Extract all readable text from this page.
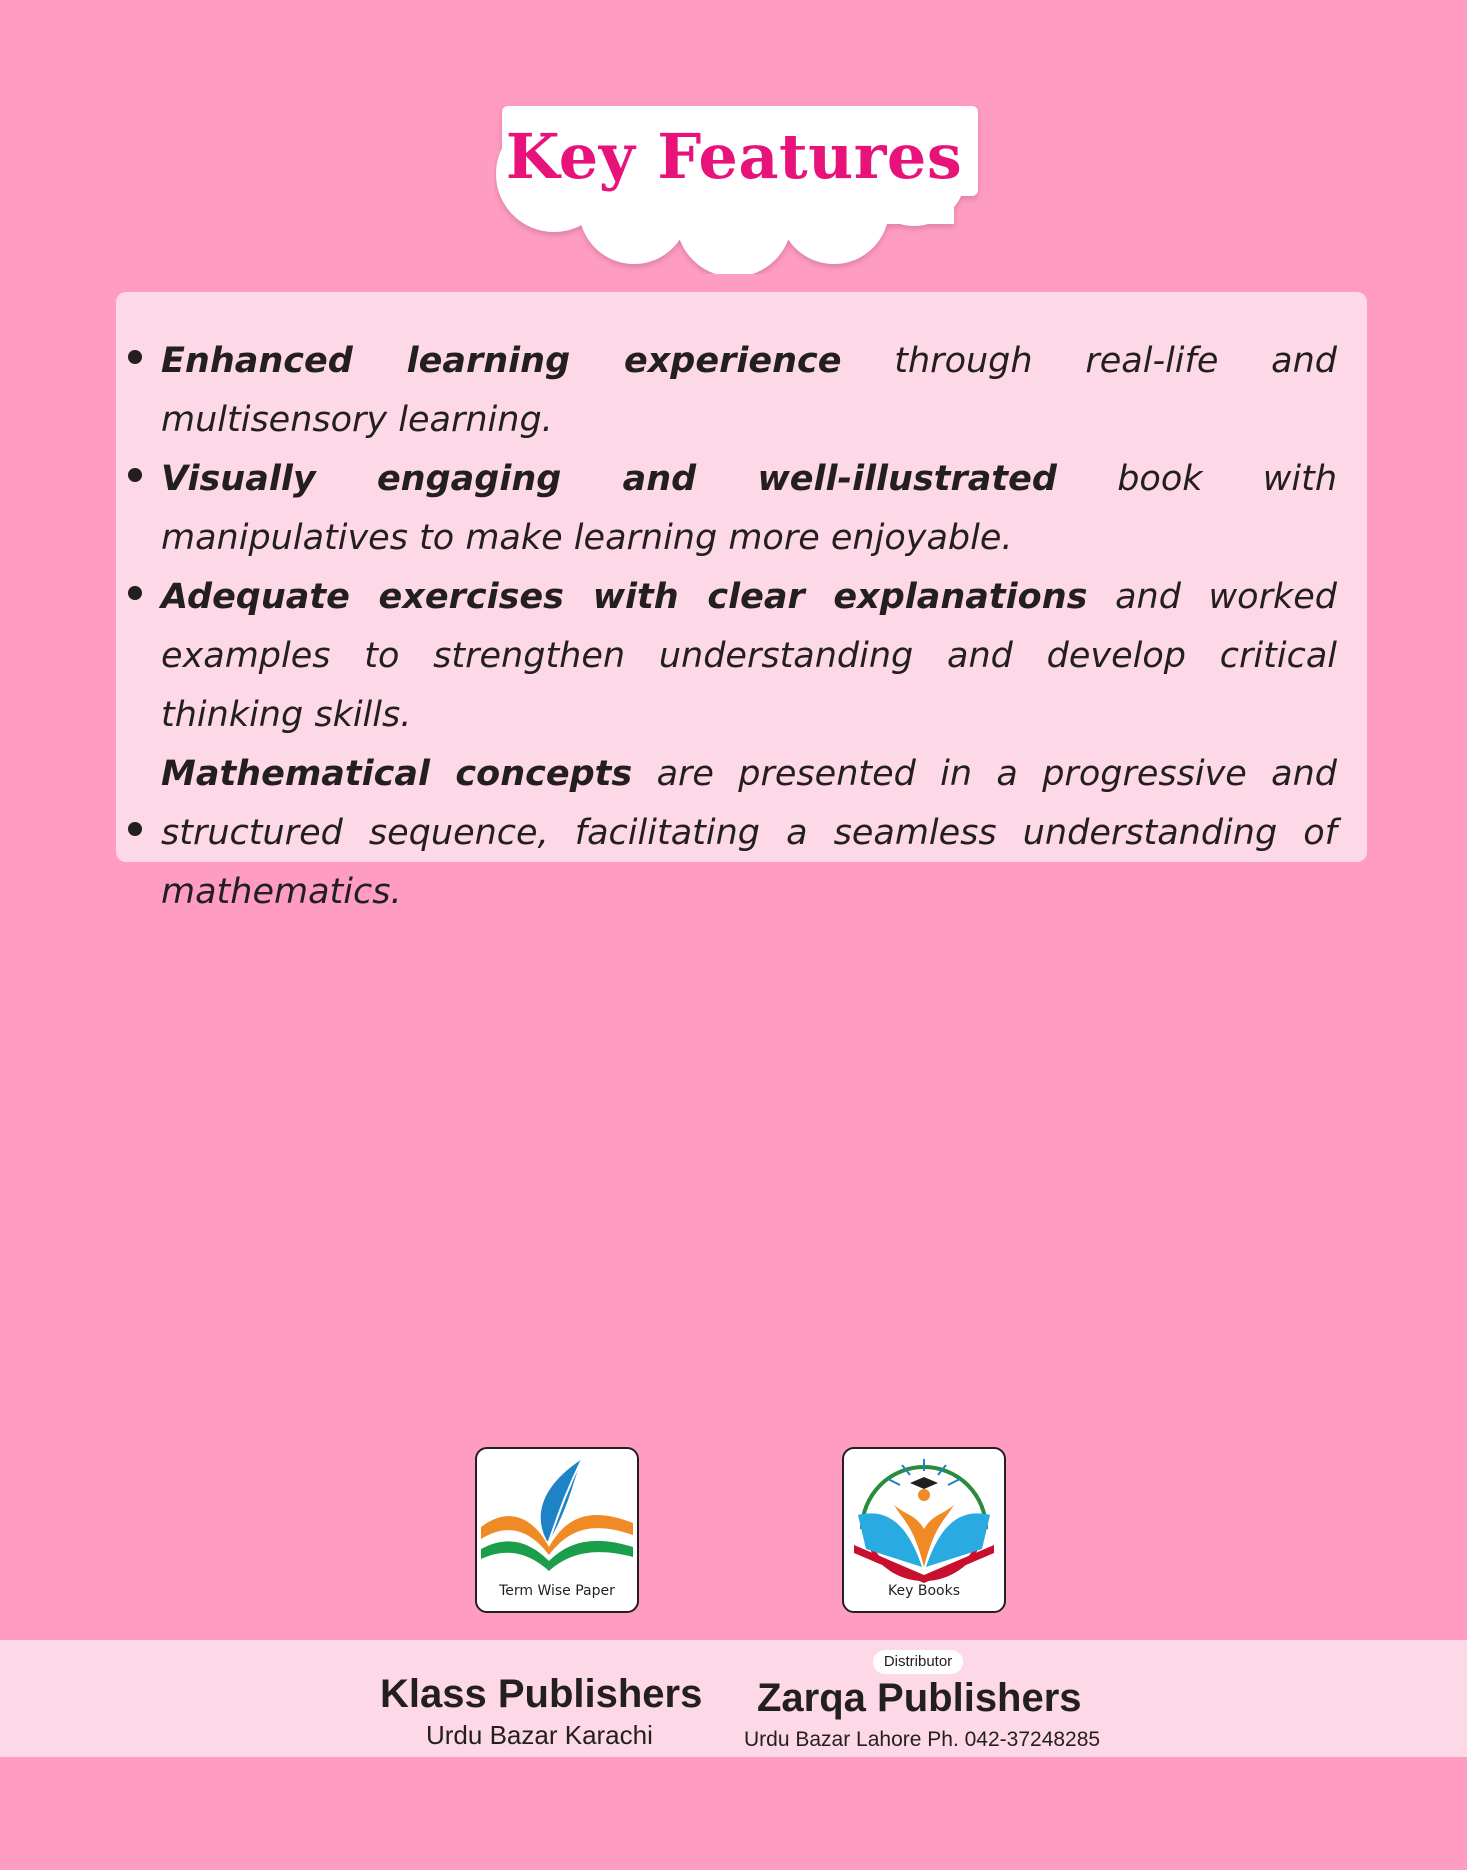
Key Features

Enhanced learning experience through real-life and multisensory learning.

Visually engaging and well-illustrated book with manipulatives to make learning more enjoyable.

Adequate exercises with clear explanations and worked examples to strengthen understanding and develop critical thinking skills.

Mathematical concepts are presented in a progressive and structured sequence, facilitating a seamless understanding of mathematics.

Term Wise Paper	Key Books
Klass Publishers
Urdu Bazar Karachi
Distributor
Zarqa Publishers
Urdu Bazar Lahore Ph. 042-37248285
